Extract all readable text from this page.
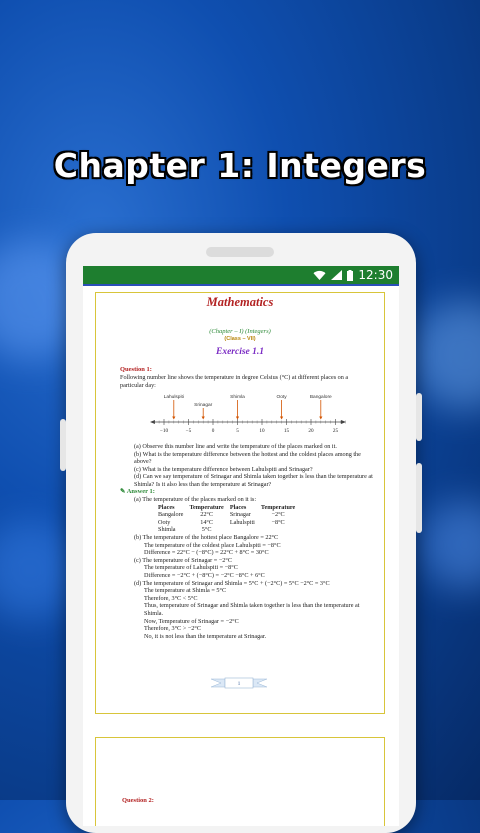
Chapter 1: Integers
12:30
Mathematics
(Chapter – I) (Integers)
(Class – VII)
Exercise 1.1
Question 1:
Following number line shows the temperature in degree Celsius (°C) at different places on a particular day:
−10	−5	0	5	10	15	20	25
Lahulspiti
Srinagar
Shimla	Ooty	Bangalore
(a) Observe this number line and write the temperature of the places marked on it.
(b) What is the temperature difference between the hottest and the coldest places among the above?
(c) What is the temperature difference between Lahulspiti and Srinagar?
(d) Can we say temperature of Srinagar and Shimla taken together is less than the temperature at Shimla? Is it also less than the temperature at Srinagar?
✎ Answer 1:
(a) The temperature of the places marked on it is:
Places	Temperature	Places	Temperature
Bangalore	22°C	Srinagar	−2°C
Ooty	14°C	Lahulspiti	−8°C
Shimla	5°C		
(b) The temperature of the hottest place Bangalore = 22°C
The temperature of the coldest place Lahulspiti = −8°C
Difference = 22°C − (−8°C) = 22°C + 8°C = 30°C
(c) The temperature of Srinagar = −2°C
The temperature of Lahulspiti = −8°C
Difference = −2°C + (−8°C) = −2°C −8°C + 6°C
(d) The temperature of Srinagar and Shimla = 5°C + (−2°C) = 5°C −2°C = 3°C
The temperature at Shimla = 5°C
Therefore, 3°C < 5°C
Thus, temperature of Srinagar and Shimla taken together is less than the temperature at Shimla.
Now, Temperature of Srinagar = −2°C
Therefore, 3°C > −2°C
No, it is not less than the temperature at Srinagar.
1
Question 2:
